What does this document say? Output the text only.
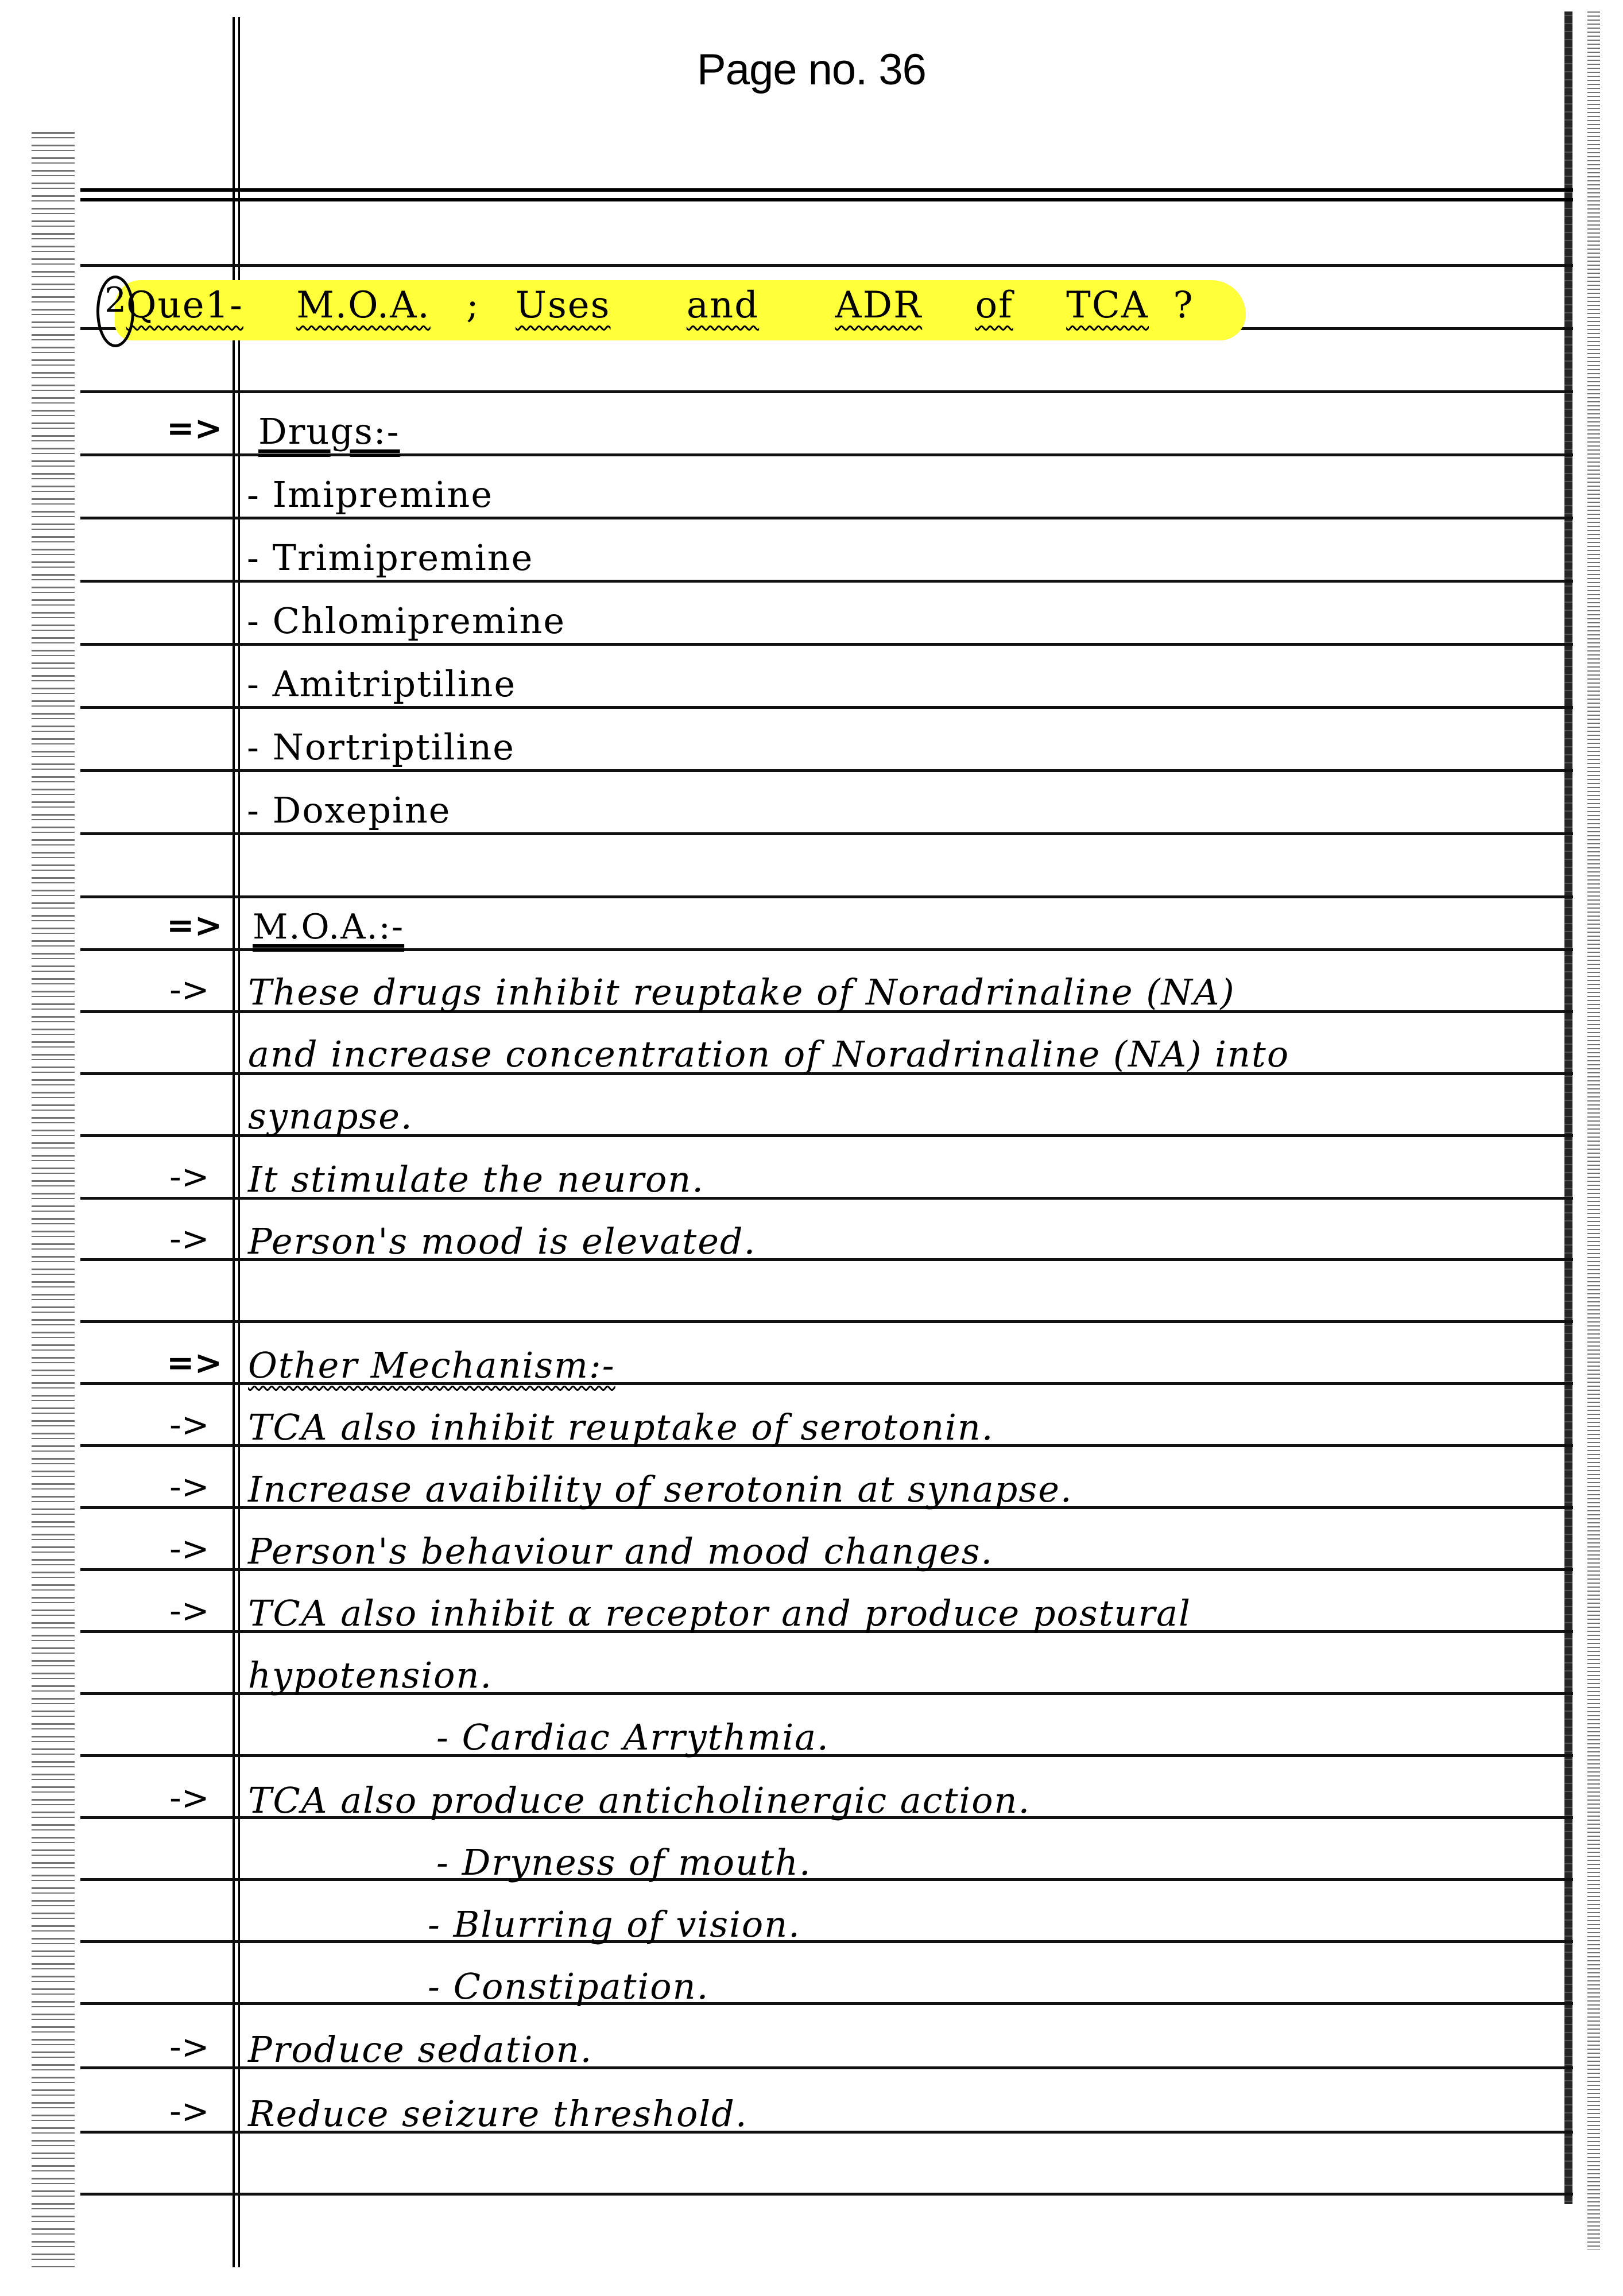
Page no. 36
2
Que1- M.O.A. ; Uses and ADR of TCA ?
=> Drugs:-
- Imipremine
- Trimipremine
- Chlomipremine
- Amitriptiline
- Nortriptiline
- Doxepine
=> M.O.A.:-
-> These drugs inhibit reuptake of Noradrinaline (NA)
and increase concentration of Noradrinaline (NA) into
synapse.
-> It stimulate the neuron.
-> Person's mood is elevated.
=> Other Mechanism:-
-> TCA also inhibit reuptake of serotonin.
-> Increase avaibility of serotonin at synapse.
-> Person's behaviour and mood changes.
-> TCA also inhibit α receptor and produce postural
hypotension.
- Cardiac Arrythmia.
-> TCA also produce anticholinergic action.
- Dryness of mouth.
- Blurring of vision.
- Constipation.
-> Produce sedation.
-> Reduce seizure threshold.
